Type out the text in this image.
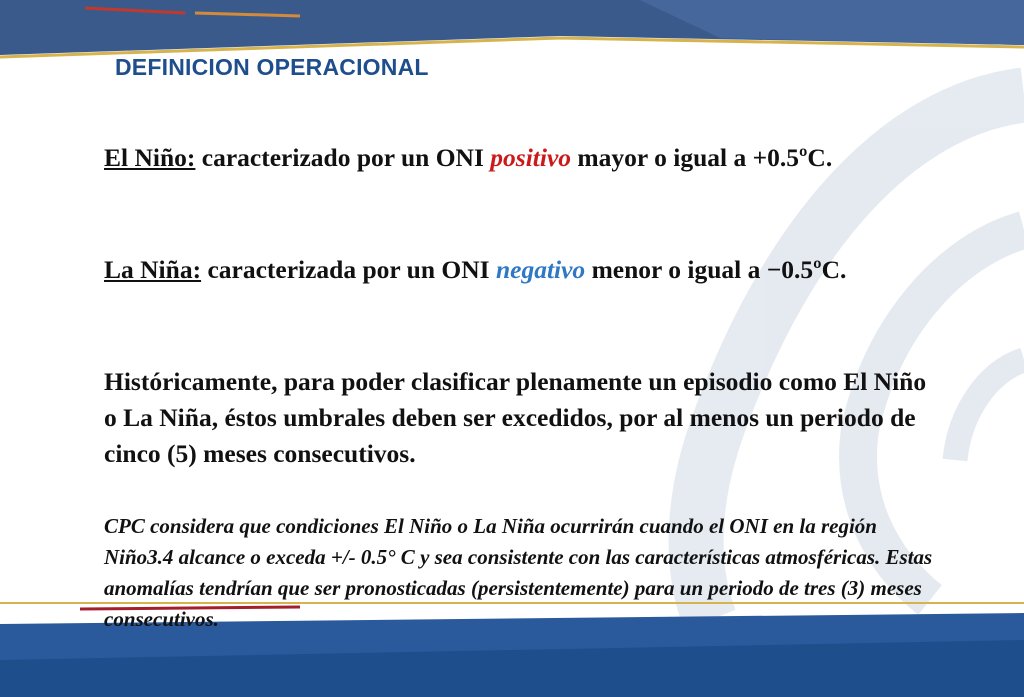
DEFINICION OPERACIONAL
El Niño: caracterizado por un ONI positivo mayor o igual a +0.5ºC.
La Niña: caracterizada por un ONI negativo menor o igual a −0.5ºC.
Históricamente, para poder clasificar plenamente un episodio como El Niño o La Niña, éstos umbrales deben ser excedidos, por al menos un periodo de cinco (5) meses consecutivos.
CPC considera que condiciones El Niño o La Niña ocurrirán cuando el ONI en la región Niño3.4 alcance o exceda +/- 0.5° C y sea consistente con las características atmosféricas. Estas anomalías tendrían que ser pronosticadas (persistentemente) para un periodo de tres (3) meses consecutivos.
